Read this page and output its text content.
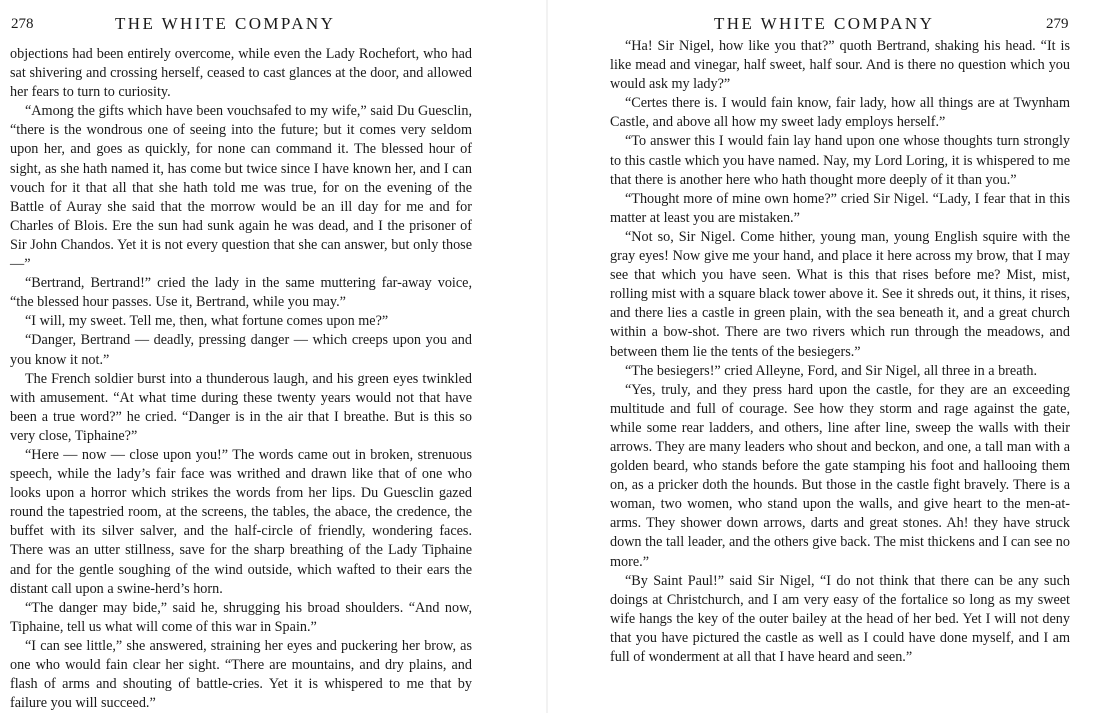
278	THE WHITE COMPANY

objections had been entirely overcome, while even the Lady Rochefort, who had sat shivering and crossing herself, ceased to cast glances at the door, and allowed her fears to turn to curiosity.

“Among the gifts which have been vouchsafed to my wife,” said Du Guesclin, “there is the wondrous one of seeing into the future; but it comes very seldom upon her, and goes as quickly, for none can command it. The blessed hour of sight, as she hath named it, has come but twice since I have known her, and I can vouch for it that all that she hath told me was true, for on the evening of the Battle of Auray she said that the morrow would be an ill day for me and for Charles of Blois. Ere the sun had sunk again he was dead, and I the prisoner of Sir John Chandos. Yet it is not every question that she can answer, but only those —”

“Bertrand, Bertrand!” cried the lady in the same muttering far-away voice, “the blessed hour passes. Use it, Bertrand, while you may.”

“I will, my sweet. Tell me, then, what fortune comes upon me?”

“Danger, Bertrand — deadly, pressing danger — which creeps upon you and you know it not.”

The French soldier burst into a thunderous laugh, and his green eyes twinkled with amusement. “At what time during these twenty years would not that have been a true word?” he cried. “Danger is in the air that I breathe. But is this so very close, Tiphaine?”

“Here — now — close upon you!” The words came out in broken, strenuous speech, while the lady’s fair face was writhed and drawn like that of one who looks upon a horror which strikes the words from her lips. Du Guesclin gazed round the tapestried room, at the screens, the tables, the abace, the credence, the buffet with its silver salver, and the half-circle of friendly, wondering faces. There was an utter stillness, save for the sharp breathing of the Lady Tiphaine and for the gentle soughing of the wind outside, which wafted to their ears the distant call upon a swine-herd’s horn.

“The danger may bide,” said he, shrugging his broad shoulders. “And now, Tiphaine, tell us what will come of this war in Spain.”

“I can see little,” she answered, straining her eyes and puckering her brow, as one who would fain clear her sight. “There are mountains, and dry plains, and flash of arms and shouting of battle-cries. Yet it is whispered to me that by failure you will succeed.”

THE WHITE COMPANY	279

“Ha! Sir Nigel, how like you that?” quoth Bertrand, shaking his head. “It is like mead and vinegar, half sweet, half sour. And is there no question which you would ask my lady?”

“Certes there is. I would fain know, fair lady, how all things are at Twynham Castle, and above all how my sweet lady employs herself.”

“To answer this I would fain lay hand upon one whose thoughts turn strongly to this castle which you have named. Nay, my Lord Loring, it is whispered to me that there is another here who hath thought more deeply of it than you.”

“Thought more of mine own home?” cried Sir Nigel. “Lady, I fear that in this matter at least you are mistaken.”

“Not so, Sir Nigel. Come hither, young man, young English squire with the gray eyes! Now give me your hand, and place it here across my brow, that I may see that which you have seen. What is this that rises before me? Mist, mist, rolling mist with a square black tower above it. See it shreds out, it thins, it rises, and there lies a castle in green plain, with the sea beneath it, and a great church within a bow-shot. There are two rivers which run through the meadows, and between them lie the tents of the besiegers.”

“The besiegers!” cried Alleyne, Ford, and Sir Nigel, all three in a breath.

“Yes, truly, and they press hard upon the castle, for they are an exceeding multitude and full of courage. See how they storm and rage against the gate, while some rear ladders, and others, line after line, sweep the walls with their arrows. They are many leaders who shout and beckon, and one, a tall man with a golden beard, who stands before the gate stamping his foot and hallooing them on, as a pricker doth the hounds. But those in the castle fight bravely. There is a woman, two women, who stand upon the walls, and give heart to the men-at-arms. They shower down arrows, darts and great stones. Ah! they have struck down the tall leader, and the others give back. The mist thickens and I can see no more.”

“By Saint Paul!” said Sir Nigel, “I do not think that there can be any such doings at Christchurch, and I am very easy of the fortalice so long as my sweet wife hangs the key of the outer bailey at the head of her bed. Yet I will not deny that you have pictured the castle as well as I could have done myself, and I am full of wonderment at all that I have heard and seen.”
